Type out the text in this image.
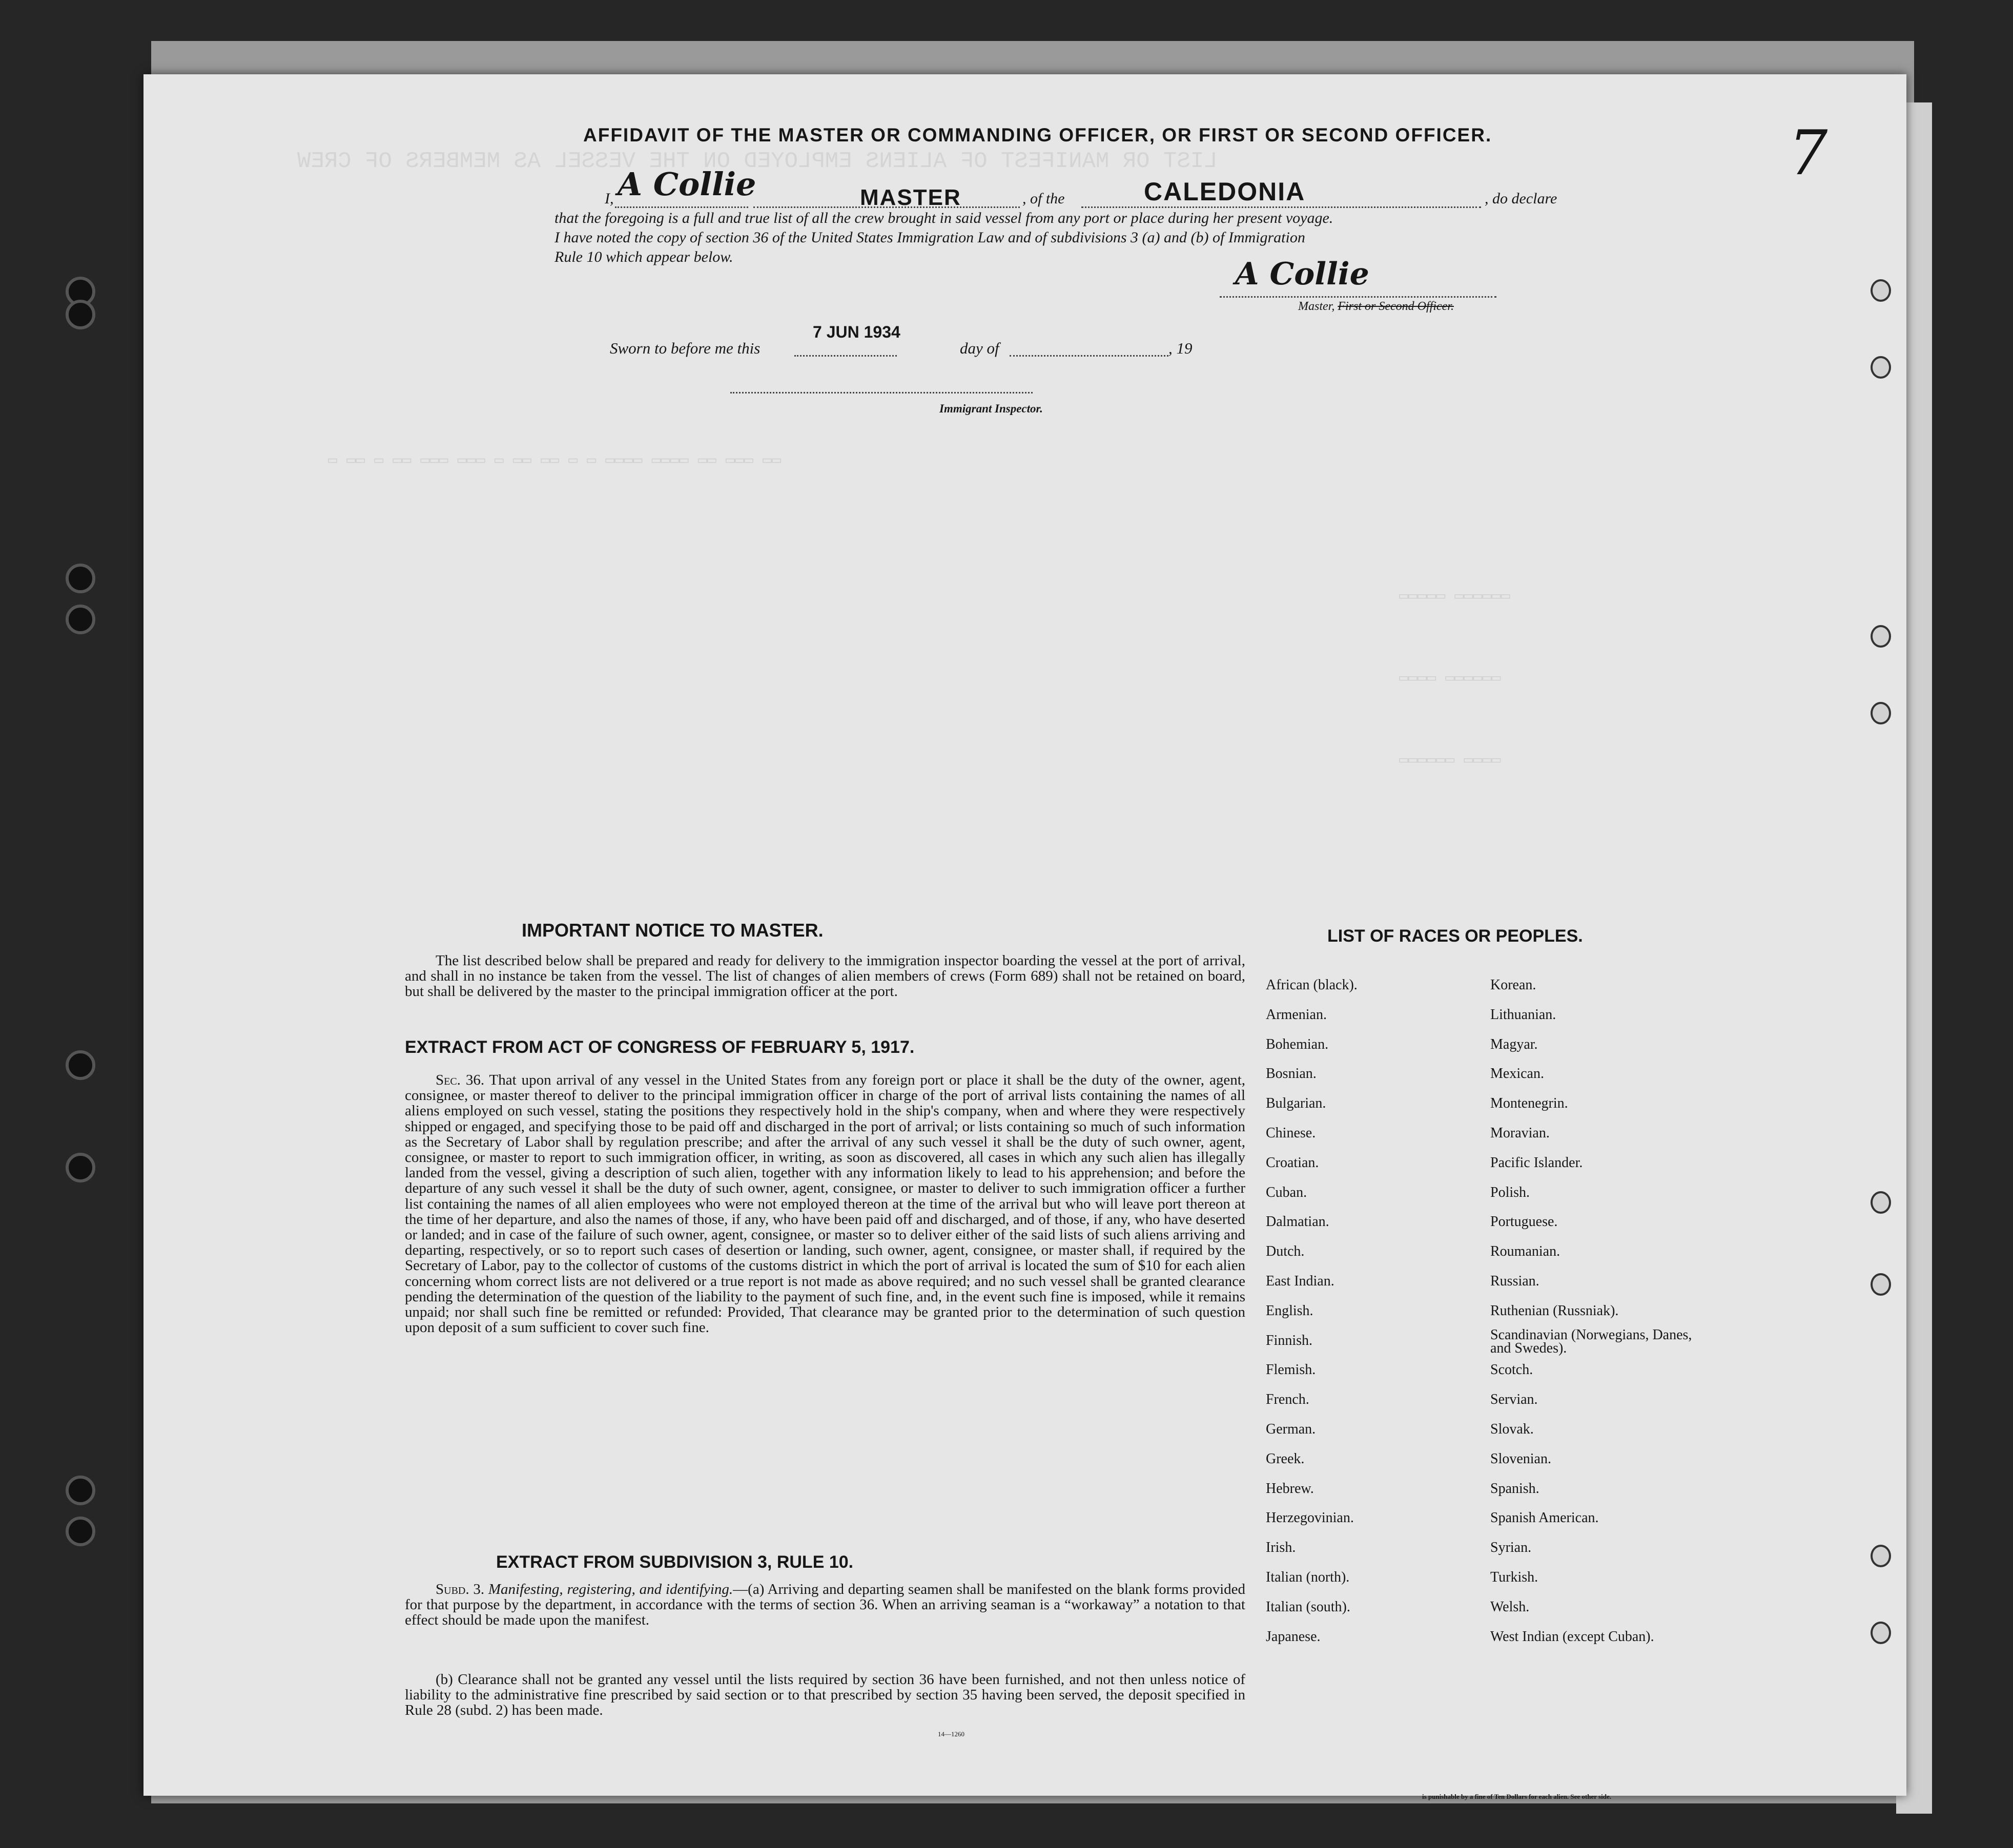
LIST OR MANIFEST OF ALIENS EMPLOYED ON THE VESSEL AS MEMBERS OF CREW
▭ ▭▭ ▭ ▭▭ ▭▭▭ ▭▭▭ ▭ ▭▭ ▭▭ ▭ ▭ ▭▭▭▭ ▭▭▭▭ ▭▭ ▭▭▭ ▭▭
▭▭▭▭▭ ▭▭▭▭▭▭
▭▭▭▭ ▭▭▭▭▭▭
▭▭▭▭▭▭ ▭▭▭▭
7
AFFIDAVIT OF THE MASTER OR COMMANDING OFFICER, OR FIRST OR SECOND OFFICER.
I, A Collie	MASTER	, of the	CALEDONIA	, do declare
that the foregoing is a full and true list of all the crew brought in said vessel from any port or place during her present voyage.
I have noted the copy of section 36 of the United States Immigration Law and of subdivisions 3 (a) and (b) of Immigration
Rule 10 which appear below.	A Collie
Master, First or Second Officer.
Sworn to before me this
7 JUN 1934
day of	, 19
Immigrant Inspector.
IMPORTANT NOTICE TO MASTER.
The list described below shall be prepared and ready for delivery to the immigration inspector boarding the vessel at the port of arrival, and shall in no instance be taken from the vessel. The list of changes of alien members of crews (Form 689) shall not be retained on board, but shall be delivered by the master to the principal immigration officer at the port.
EXTRACT FROM ACT OF CONGRESS OF FEBRUARY 5, 1917.
Sec. 36. That upon arrival of any vessel in the United States from any foreign port or place it shall be the duty of the owner, agent, consignee, or master thereof to deliver to the principal immigration officer in charge of the port of arrival lists containing the names of all aliens employed on such vessel, stating the positions they respectively hold in the ship's company, when and where they were respectively shipped or engaged, and specifying those to be paid off and discharged in the port of arrival; or lists containing so much of such information as the Secretary of Labor shall by regulation prescribe; and after the arrival of any such vessel it shall be the duty of such owner, agent, consignee, or master to report to such immigration officer, in writing, as soon as discovered, all cases in which any such alien has illegally landed from the vessel, giving a description of such alien, together with any information likely to lead to his apprehension; and before the departure of any such vessel it shall be the duty of such owner, agent, consignee, or master to deliver to such immigration officer a further list containing the names of all alien employees who were not employed thereon at the time of the arrival but who will leave port thereon at the time of her departure, and also the names of those, if any, who have been paid off and discharged, and of those, if any, who have deserted or landed; and in case of the failure of such owner, agent, consignee, or master so to deliver either of the said lists of such aliens arriving and departing, respectively, or so to report such cases of desertion or landing, such owner, agent, consignee, or master shall, if required by the Secretary of Labor, pay to the collector of customs of the customs district in which the port of arrival is located the sum of $10 for each alien concerning whom correct lists are not delivered or a true report is not made as above required; and no such vessel shall be granted clearance pending the determination of the question of the liability to the payment of such fine, and, in the event such fine is imposed, while it remains unpaid; nor shall such fine be remitted or refunded: Provided, That clearance may be granted prior to the determination of such question upon deposit of a sum sufficient to cover such fine.
EXTRACT FROM SUBDIVISION 3, RULE 10.
Subd. 3. Manifesting, registering, and identifying.—(a) Arriving and departing seamen shall be manifested on the blank forms provided for that purpose by the department, in accordance with the terms of section 36. When an arriving seaman is a “workaway” a notation to that effect should be made upon the manifest.
(b) Clearance shall not be granted any vessel until the lists required by section 36 have been furnished, and not then unless notice of liability to the administrative fine prescribed by said section or to that prescribed by section 35 having been served, the deposit specified in Rule 28 (subd. 2) has been made.
14—1260
LIST OF RACES OR PEOPLES.
African (black).
Armenian.
Bohemian.
Bosnian.
Bulgarian.
Chinese.
Croatian.
Cuban.
Dalmatian.
Dutch.
East Indian.
English.
Finnish.
Flemish.
French.
German.
Greek.
Hebrew.
Herzegovinian.
Irish.
Italian (north).
Italian (south).
Japanese.
Korean.
Lithuanian.
Magyar.
Mexican.
Montenegrin.
Moravian.
Pacific Islander.
Polish.
Portuguese.
Roumanian.
Russian.
Ruthenian (Russniak).
Scandinavian (Norwegians, Danes, and Swedes).
Scotch.
Servian.
Slovak.
Slovenian.
Spanish.
Spanish American.
Syrian.
Turkish.
Welsh.
West Indian (except Cuban).
is punishable by a fine of Ten Dollars for each alien. See other side.
